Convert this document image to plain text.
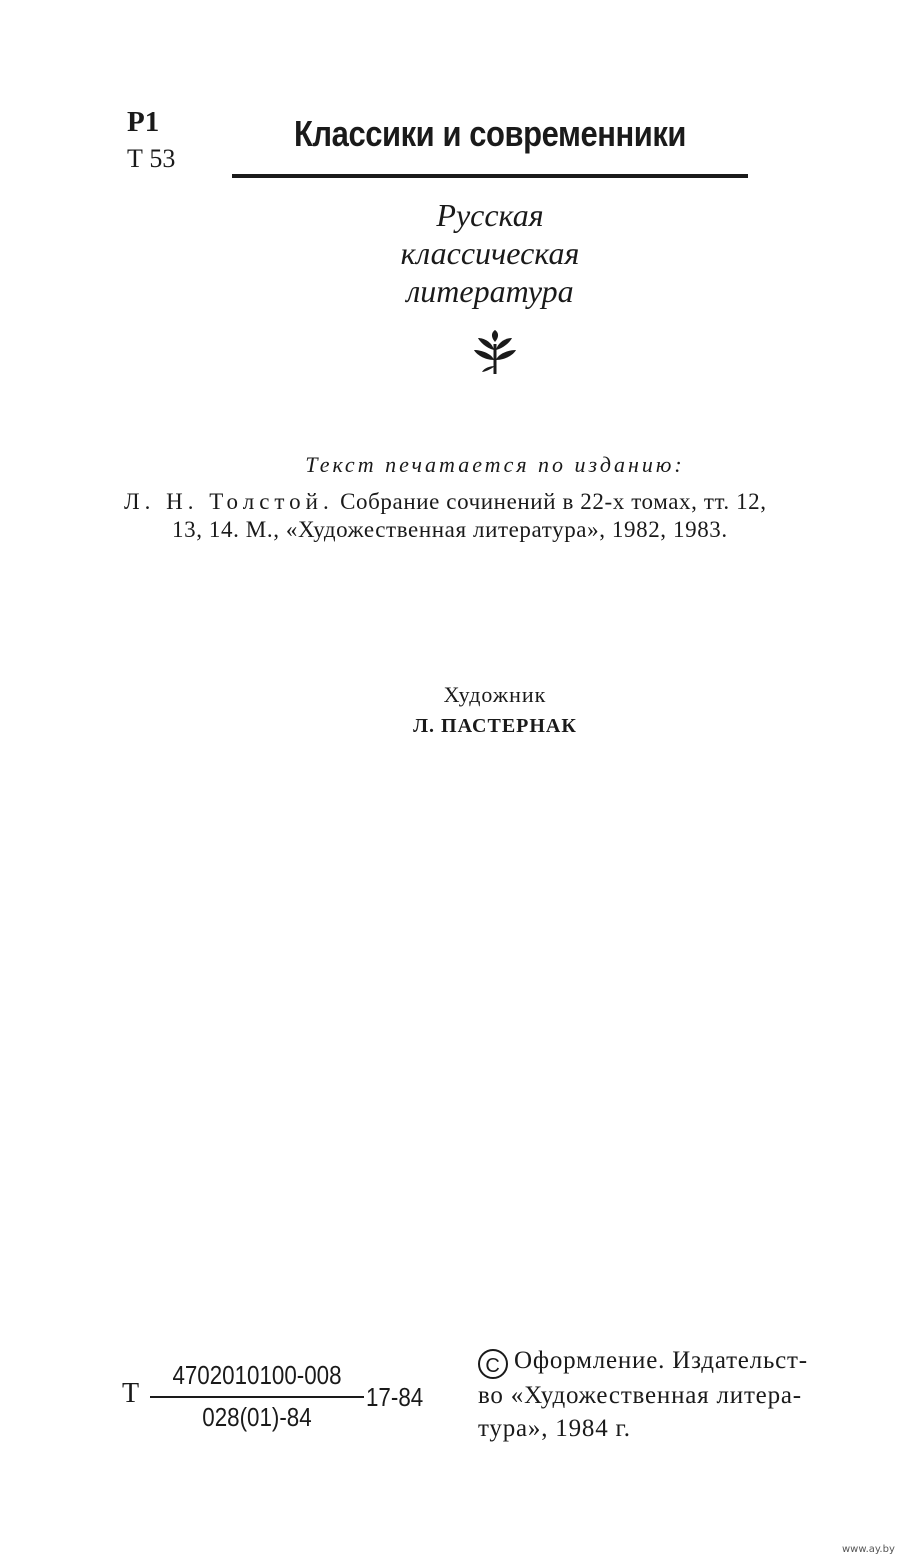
Р1
Т 53
Классики и современники
Русская
классическая
литература
Текст печатается по изданию:
Л. Н. Толстой. Собрание сочинений в 22-х томах, тт. 12,
13, 14. М., «Художественная литература», 1982, 1983.
Художник
Л. ПАСТЕРНАК
Т
4702010100-008
028(01)-84
17-84
C Оформление. Издательст-
во «Художественная литера-
тура», 1984 г.
www.ay.by
